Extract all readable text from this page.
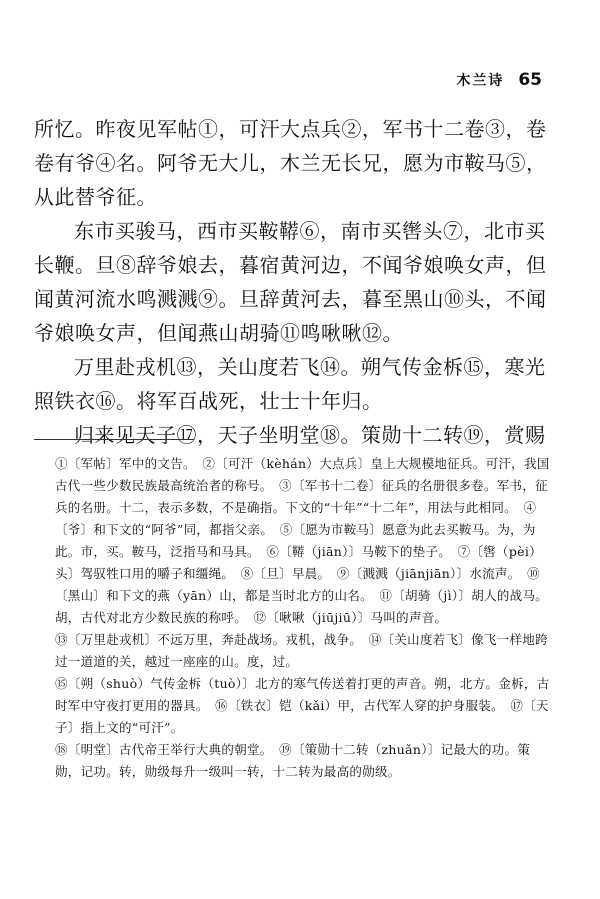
木兰诗 65

所忆。昨夜见军帖①，可汗大点兵②，军书十二卷③，卷卷有爷④名。阿爷无大儿，木兰无长兄，愿为市鞍马⑤，从此替爷征。

东市买骏马，西市买鞍鞯⑥，南市买辔头⑦，北市买长鞭。旦⑧辞爷娘去，暮宿黄河边，不闻爷娘唤女声，但闻黄河流水鸣溅溅⑨。旦辞黄河去，暮至黑山⑩头，不闻爷娘唤女声，但闻燕山胡骑⑪鸣啾啾⑫。

万里赴戎机⑬，关山度若飞⑭。朔气传金柝⑮，寒光照铁衣⑯。将军百战死，壮士十年归。

归来见天子⑰，天子坐明堂⑱。策勋十二转⑲，赏赐

①〔军帖〕军中的文告。　②〔可汗（kèhán）大点兵〕皇上大规模地征兵。可汗，我国古代一些少数民族最高统治者的称号。　③〔军书十二卷〕征兵的名册很多卷。军书，征兵的名册。十二，表示多数，不是确指。下文的“十年”“十二年”，用法与此相同。　④〔爷〕和下文的“阿爷”同，都指父亲。　⑤〔愿为市鞍马〕愿意为此去买鞍马。为，为此。市，买。鞍马，泛指马和马具。　⑥〔鞯（jiān）〕马鞍下的垫子。　⑦〔辔（pèi）头〕驾驭牲口用的嚼子和缰绳。　⑧〔旦〕早晨。　⑨〔溅溅（jiānjiān）〕水流声。　⑩〔黑山〕和下文的燕（yān）山，都是当时北方的山名。　⑪〔胡骑（jì）〕胡人的战马。胡，古代对北方少数民族的称呼。　⑫〔啾啾（jiūjiū）〕马叫的声音。

⑬〔万里赴戎机〕不远万里，奔赴战场。戎机，战争。　⑭〔关山度若飞〕像飞一样地跨过一道道的关，越过一座座的山。度，过。

⑮〔朔（shuò）气传金柝（tuò）〕北方的寒气传送着打更的声音。朔，北方。金柝，古时军中守夜打更用的器具。　⑯〔铁衣〕铠（kǎi）甲，古代军人穿的护身服装。　⑰〔天子〕指上文的“可汗”。

⑱〔明堂〕古代帝王举行大典的朝堂。　⑲〔策勋十二转（zhuǎn）〕记最大的功。策勋，记功。转，勋级每升一级叫一转，十二转为最高的勋级。
